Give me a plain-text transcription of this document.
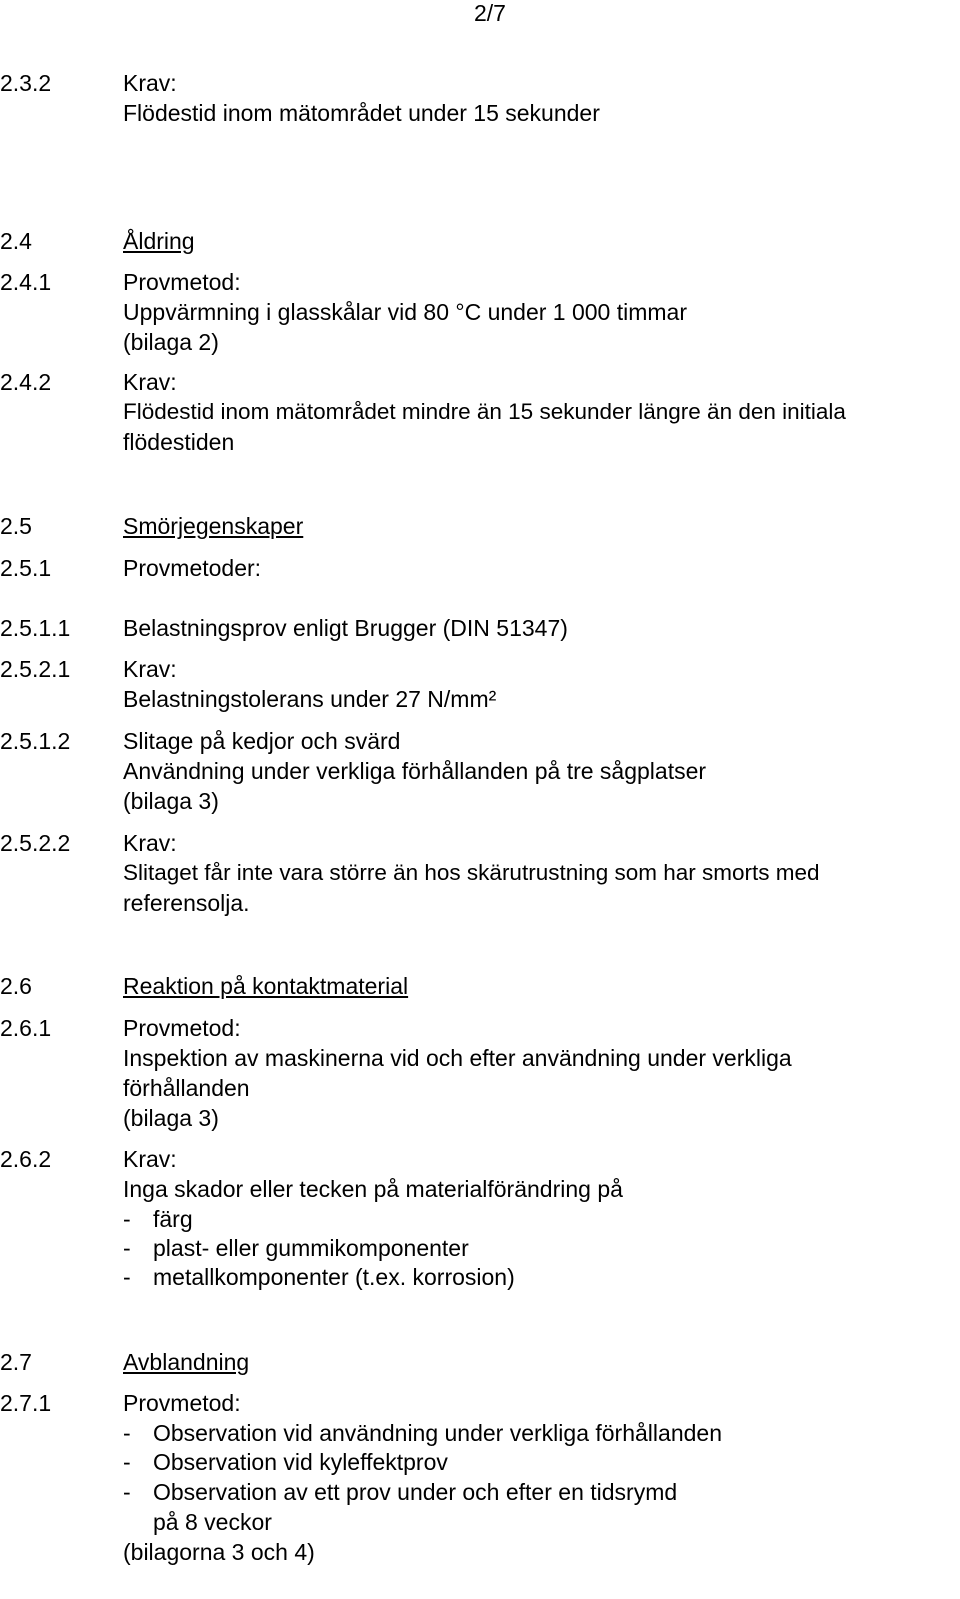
2/7
2.3.2	Krav:
Flödestid inom mätområdet under 15 sekunder
2.4	Åldring
2.4.1	Provmetod:
Uppvärmning i glasskålar vid 80 °C under 1 000 timmar
(bilaga 2)
2.4.2	Krav:
Flödestid inom mätområdet mindre än 15 sekunder längre än den initiala
flödestiden
2.5	Smörjegenskaper
2.5.1	Provmetoder:
2.5.1.1 Belastningsprov enligt Brugger (DIN 51347)
2.5.2.1 Krav:
Belastningstolerans under 27 N/mm²
2.5.1.2 Slitage på kedjor och svärd
Användning under verkliga förhållanden på tre sågplatser
(bilaga 3)
2.5.2.2 Krav:
Slitaget får inte vara större än hos skärutrustning som har smorts med
referensolja.
2.6	Reaktion på kontaktmaterial
2.6.1	Provmetod:
Inspektion av maskinerna vid och efter användning under verkliga
förhållanden
(bilaga 3)
2.6.2	Krav:
Inga skador eller tecken på materialförändring på
- färg
- plast- eller gummikomponenter
- metallkomponenter (t.ex. korrosion)
2.7	Avblandning
2.7.1	Provmetod:
- Observation vid användning under verkliga förhållanden
- Observation vid kyleffektprov
- Observation av ett prov under och efter en tidsrymd
på 8 veckor
(bilagorna 3 och 4)
